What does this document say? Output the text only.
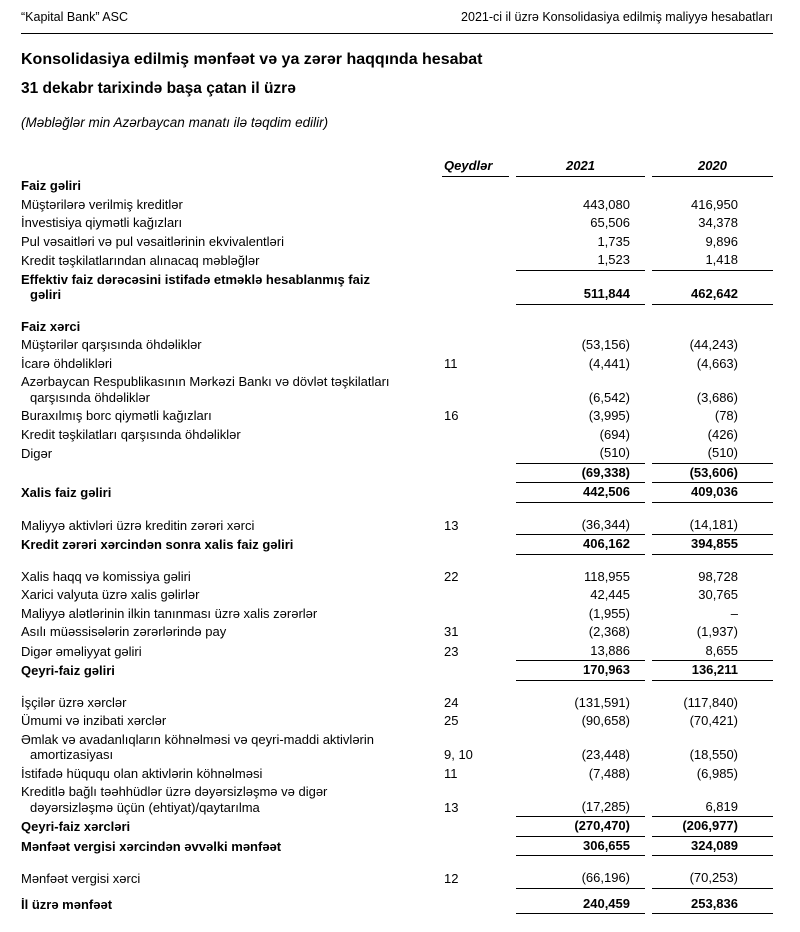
“Kapital Bank” ASC	2021-ci il üzrə Konsolidasiya edilmiş maliyyə hesabatları
Konsolidasiya edilmiş mənfəət və ya zərər haqqında hesabat
31 dekabr tarixində başa çatan il üzrə
(Məbləğlər min Azərbaycan manatı ilə təqdim edilir)
	Qeydlər		2021		2020

Faiz gəliri					

Müştərilərə verilmiş kreditlər			443,080		416,950

İnvestisiya qiymətli kağızları			65,506		34,378

Pul vəsaitləri və pul vəsaitlərinin ekvivalentləri			1,735		9,896

Kredit təşkilatlarından alınacaq məbləğlər			1,523		1,418

Effektiv faiz dərəcəsini istifadə etməklə hesablanmış faiz
gəliri			511,844		462,642

Faiz xərci					

Müştərilər qarşısında öhdəliklər			(53,156)		(44,243)

İcarə öhdəlikləri	11		(4,441)		(4,663)

Azərbaycan Respublikasının Mərkəzi Bankı və dövlət təşkilatları
qarşısında öhdəliklər			(6,542)		(3,686)

Buraxılmış borc qiymətli kağızları	16		(3,995)		(78)

Kredit təşkilatları qarşısında öhdəliklər			(694)		(426)

Digər			(510)		(510)

			(69,338)		(53,606)

Xalis faiz gəliri			442,506		409,036

Maliyyə aktivləri üzrə kreditin zərəri xərci	13		(36,344)		(14,181)

Kredit zərəri xərcindən sonra xalis faiz gəliri			406,162		394,855

Xalis haqq və komissiya gəliri	22		118,955		98,728

Xarici valyuta üzrə xalis gəlirlər			42,445		30,765

Maliyyə alətlərinin ilkin tanınması üzrə xalis zərərlər			(1,955)		–

Asılı müəssisələrin zərərlərində pay	31		(2,368)		(1,937)

Digər əməliyyat gəliri	23		13,886		8,655

Qeyri-faiz gəliri			170,963		136,211

İşçilər üzrə xərclər	24		(131,591)		(117,840)

Ümumi və inzibati xərclər	25		(90,658)		(70,421)

Əmlak və avadanlıqların köhnəlməsi və qeyri-maddi aktivlərin
amortizasiyası	9, 10		(23,448)		(18,550)

İstifadə hüququ olan aktivlərin köhnəlməsi	11		(7,488)		(6,985)

Kreditlə bağlı təəhhüdlər üzrə dəyərsizləşmə və digər
dəyərsizləşmə üçün (ehtiyat)/qaytarılma	13		(17,285)		6,819

Qeyri-faiz xərcləri			(270,470)		(206,977)

Mənfəət vergisi xərcindən əvvəlki mənfəət			306,655		324,089

Mənfəət vergisi xərci	12		(66,196)		(70,253)

İl üzrə mənfəət			240,459		253,836
